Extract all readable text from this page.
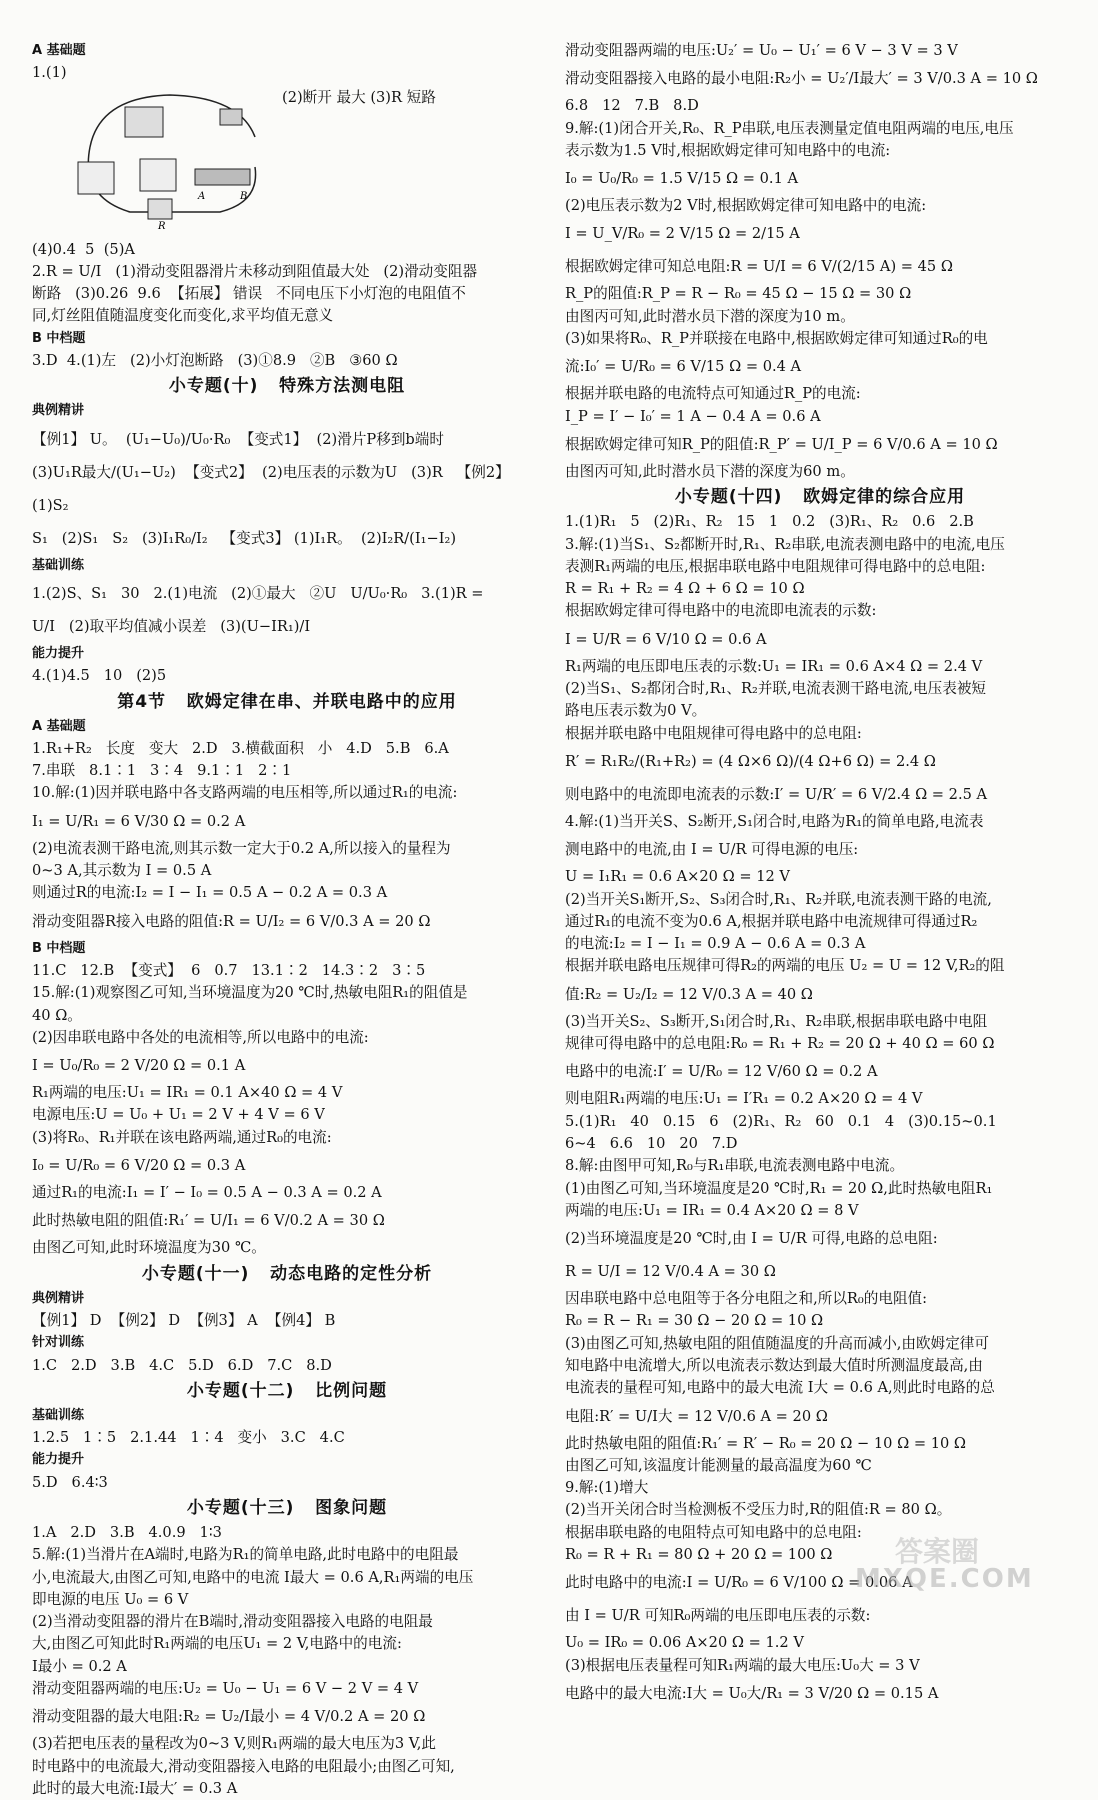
A 基础题
1.(1)
A	B
R
(2)断开 最大 (3)R 短路
(4)0.4  5  (5)A
2.R = U/I   (1)滑动变阻器滑片未移动到阻值最大处   (2)滑动变阻器
断路   (3)0.26  9.6  【拓展】 错误   不同电压下小灯泡的电阻值不
同,灯丝阻值随温度变化而变化,求平均值无意义
B 中档题
3.D  4.(1)左   (2)小灯泡断路   (3)①8.9   ②B   ③60 Ω
小专题(十)   特殊方法测电阻
典例精讲
【例1】 U。  (U₁−U₀)/U₀·R₀  【变式1】  (2)滑片P移到b端时
(3)U₁R最大/(U₁−U₂)  【变式2】  (2)电压表的示数为U   (3)R   【例2】  (1)S₂
S₁   (2)S₁   S₂   (3)I₁R₀/I₂   【变式3】 (1)I₁R。  (2)I₂R/(I₁−I₂)
基础训练
1.(2)S、S₁   30   2.(1)电流   (2)①最大   ②U   U/U₀·R₀   3.(1)R =
U/I   (2)取平均值减小误差   (3)(U−IR₁)/I
能力提升
4.(1)4.5   10   (2)5
第4节   欧姆定律在串、并联电路中的应用
A 基础题
1.R₁+R₂   长度   变大   2.D   3.横截面积   小   4.D   5.B   6.A
7.串联   8.1∶1   3∶4   9.1∶1   2∶1
10.解:(1)因并联电路中各支路两端的电压相等,所以通过R₁的电流:
I₁ = U/R₁ = 6 V/30 Ω = 0.2 A
(2)电流表测干路电流,则其示数一定大于0.2 A,所以接入的量程为
0~3 A,其示数为 I = 0.5 A
则通过R的电流:I₂ = I − I₁ = 0.5 A − 0.2 A = 0.3 A
滑动变阻器R接入电路的阻值:R = U/I₂ = 6 V/0.3 A = 20 Ω
B 中档题
11.C   12.B  【变式】  6   0.7   13.1∶2   14.3∶2   3∶5
15.解:(1)观察图乙可知,当环境温度为20 ℃时,热敏电阻R₁的阻值是
40 Ω。
(2)因串联电路中各处的电流相等,所以电路中的电流:
I = U₀/R₀ = 2 V/20 Ω = 0.1 A
R₁两端的电压:U₁ = IR₁ = 0.1 A×40 Ω = 4 V
电源电压:U = U₀ + U₁ = 2 V + 4 V = 6 V
(3)将R₀、R₁并联在该电路两端,通过R₀的电流:
I₀ = U/R₀ = 6 V/20 Ω = 0.3 A
通过R₁的电流:I₁ = I′ − I₀ = 0.5 A − 0.3 A = 0.2 A
此时热敏电阻的阻值:R₁′ = U/I₁ = 6 V/0.2 A = 30 Ω
由图乙可知,此时环境温度为30 ℃。
小专题(十一)   动态电路的定性分析
典例精讲
【例1】 D  【例2】 D  【例3】 A  【例4】 B
针对训练
1.C   2.D   3.B   4.C   5.D   6.D   7.C   8.D
小专题(十二)   比例问题
基础训练
1.2.5   1∶5   2.1.44   1∶4   变小   3.C   4.C
能力提升
5.D   6.4∶3
小专题(十三)   图象问题
1.A   2.D   3.B   4.0.9   1∶3
5.解:(1)当滑片在A端时,电路为R₁的简单电路,此时电路中的电阻最
小,电流最大,由图乙可知,电路中的电流 I最大 = 0.6 A,R₁两端的电压
即电源的电压 U₀ = 6 V
(2)当滑动变阻器的滑片在B端时,滑动变阻器接入电路的电阻最
大,由图乙可知此时R₁两端的电压U₁ = 2 V,电路中的电流:
I最小 = 0.2 A
滑动变阻器两端的电压:U₂ = U₀ − U₁ = 6 V − 2 V = 4 V
滑动变阻器的最大电阻:R₂ = U₂/I最小 = 4 V/0.2 A = 20 Ω
(3)若把电压表的量程改为0~3 V,则R₁两端的最大电压为3 V,此
时电路中的电流最大,滑动变阻器接入电路的电阻最小;由图乙可知,
此时的最大电流:I最大′ = 0.3 A
滑动变阻器两端的电压:U₂′ = U₀ − U₁′ = 6 V − 3 V = 3 V
滑动变阻器接入电路的最小电阻:R₂小 = U₂′/I最大′ = 3 V/0.3 A = 10 Ω
6.8   12   7.B   8.D
9.解:(1)闭合开关,R₀、R_P串联,电压表测量定值电阻两端的电压,电压
表示数为1.5 V时,根据欧姆定律可知电路中的电流:
I₀ = U₀/R₀ = 1.5 V/15 Ω = 0.1 A
(2)电压表示数为2 V时,根据欧姆定律可知电路中的电流:
I = U_V/R₀ = 2 V/15 Ω = 2/15 A
根据欧姆定律可知总电阻:R = U/I = 6 V/(2/15 A) = 45 Ω
R_P的阻值:R_P = R − R₀ = 45 Ω − 15 Ω = 30 Ω
由图丙可知,此时潜水员下潜的深度为10 m。
(3)如果将R₀、R_P并联接在电路中,根据欧姆定律可知通过R₀的电
流:I₀′ = U/R₀ = 6 V/15 Ω = 0.4 A
根据并联电路的电流特点可知通过R_P的电流:
I_P = I′ − I₀′ = 1 A − 0.4 A = 0.6 A
根据欧姆定律可知R_P的阻值:R_P′ = U/I_P = 6 V/0.6 A = 10 Ω
由图丙可知,此时潜水员下潜的深度为60 m。
小专题(十四)   欧姆定律的综合应用
1.(1)R₁   5   (2)R₁、R₂   15   1   0.2   (3)R₁、R₂   0.6   2.B
3.解:(1)当S₁、S₂都断开时,R₁、R₂串联,电流表测电路中的电流,电压
表测R₁两端的电压,根据串联电路中电阻规律可得电路中的总电阻:
R = R₁ + R₂ = 4 Ω + 6 Ω = 10 Ω
根据欧姆定律可得电路中的电流即电流表的示数:
I = U/R = 6 V/10 Ω = 0.6 A
R₁两端的电压即电压表的示数:U₁ = IR₁ = 0.6 A×4 Ω = 2.4 V
(2)当S₁、S₂都闭合时,R₁、R₂并联,电流表测干路电流,电压表被短
路电压表示数为0 V。
根据并联电路中电阻规律可得电路中的总电阻:
R′ = R₁R₂/(R₁+R₂) = (4 Ω×6 Ω)/(4 Ω+6 Ω) = 2.4 Ω
则电路中的电流即电流表的示数:I′ = U/R′ = 6 V/2.4 Ω = 2.5 A
4.解:(1)当开关S、S₂断开,S₁闭合时,电路为R₁的简单电路,电流表
测电路中的电流,由 I = U/R 可得电源的电压:
U = I₁R₁ = 0.6 A×20 Ω = 12 V
(2)当开关S₁断开,S₂、S₃闭合时,R₁、R₂并联,电流表测干路的电流,
通过R₁的电流不变为0.6 A,根据并联电路中电流规律可得通过R₂
的电流:I₂ = I − I₁ = 0.9 A − 0.6 A = 0.3 A
根据并联电路电压规律可得R₂的两端的电压 U₂ = U = 12 V,R₂的阻
值:R₂ = U₂/I₂ = 12 V/0.3 A = 40 Ω
(3)当开关S₂、S₃断开,S₁闭合时,R₁、R₂串联,根据串联电路中电阻
规律可得电路中的总电阻:R₀ = R₁ + R₂ = 20 Ω + 40 Ω = 60 Ω
电路中的电流:I′ = U/R₀ = 12 V/60 Ω = 0.2 A
则电阻R₁两端的电压:U₁ = I′R₁ = 0.2 A×20 Ω = 4 V
5.(1)R₁   40   0.15   6   (2)R₁、R₂   60   0.1   4   (3)0.15~0.1
6~4   6.6   10   20   7.D
8.解:由图甲可知,R₀与R₁串联,电流表测电路中电流。
(1)由图乙可知,当环境温度是20 ℃时,R₁ = 20 Ω,此时热敏电阻R₁
两端的电压:U₁ = IR₁ = 0.4 A×20 Ω = 8 V
(2)当环境温度是20 ℃时,由 I = U/R 可得,电路的总电阻:
R = U/I = 12 V/0.4 A = 30 Ω
因串联电路中总电阻等于各分电阻之和,所以R₀的电阻值:
R₀ = R − R₁ = 30 Ω − 20 Ω = 10 Ω
(3)由图乙可知,热敏电阻的阻值随温度的升高而减小,由欧姆定律可
知电路中电流增大,所以电流表示数达到最大值时所测温度最高,由
电流表的量程可知,电路中的最大电流 I大 = 0.6 A,则此时电路的总
电阻:R′ = U/I大 = 12 V/0.6 A = 20 Ω
此时热敏电阻的阻值:R₁′ = R′ − R₀ = 20 Ω − 10 Ω = 10 Ω
由图乙可知,该温度计能测量的最高温度为60 ℃
9.解:(1)增大
(2)当开关闭合时当检测板不受压力时,R的阻值:R = 80 Ω。
根据串联电路的电阻特点可知电路中的总电阻:
R₀ = R + R₁ = 80 Ω + 20 Ω = 100 Ω
此时电路中的电流:I = U/R₀ = 6 V/100 Ω = 0.06 A
由 I = U/R 可知R₀两端的电压即电压表的示数:
U₀ = IR₀ = 0.06 A×20 Ω = 1.2 V
(3)根据电压表量程可知R₁两端的最大电压:U₀大 = 3 V
电路中的最大电流:I大 = U₀大/R₁ = 3 V/20 Ω = 0.15 A
答案圈
MXQE.COM
